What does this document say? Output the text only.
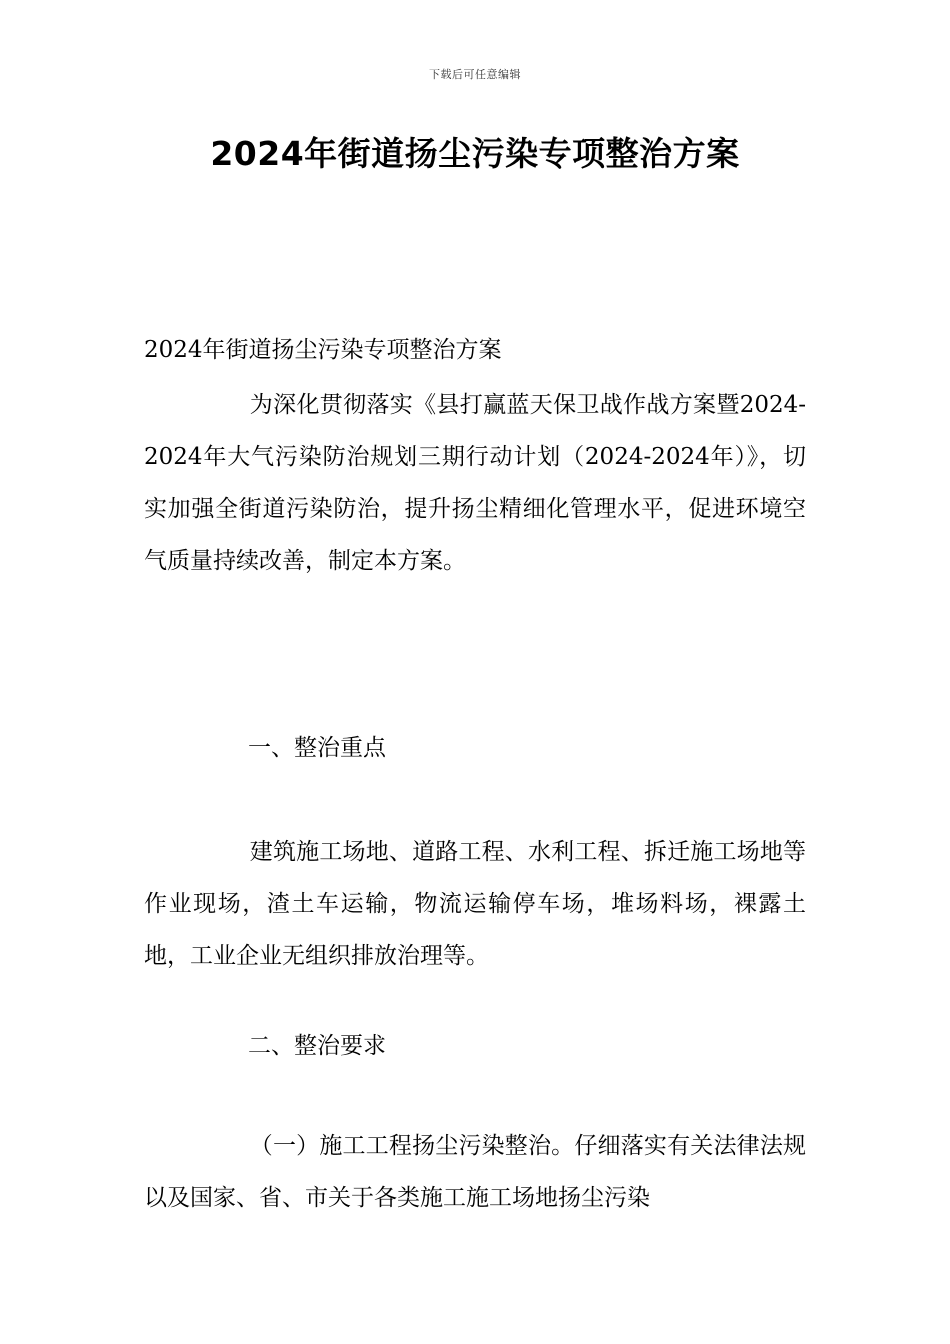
下载后可任意编辑
2024年街道扬尘污染专项整治方案
2024年街道扬尘污染专项整治方案
为深化贯彻落实《县打赢蓝天保卫战作战方案暨2024-2024年大气污染防治规划三期行动计划（2024-2024年）》，切实加强全街道污染防治，提升扬尘精细化管理水平，促进环境空气质量持续改善，制定本方案。
一、整治重点
建筑施工场地、道路工程、水利工程、拆迁施工场地等作业现场，渣土车运输，物流运输停车场，堆场料场，裸露土地，工业企业无组织排放治理等。
二、整治要求
（一）施工工程扬尘污染整治。仔细落实有关法律法规以及国家、省、市关于各类施工施工场地扬尘污染
